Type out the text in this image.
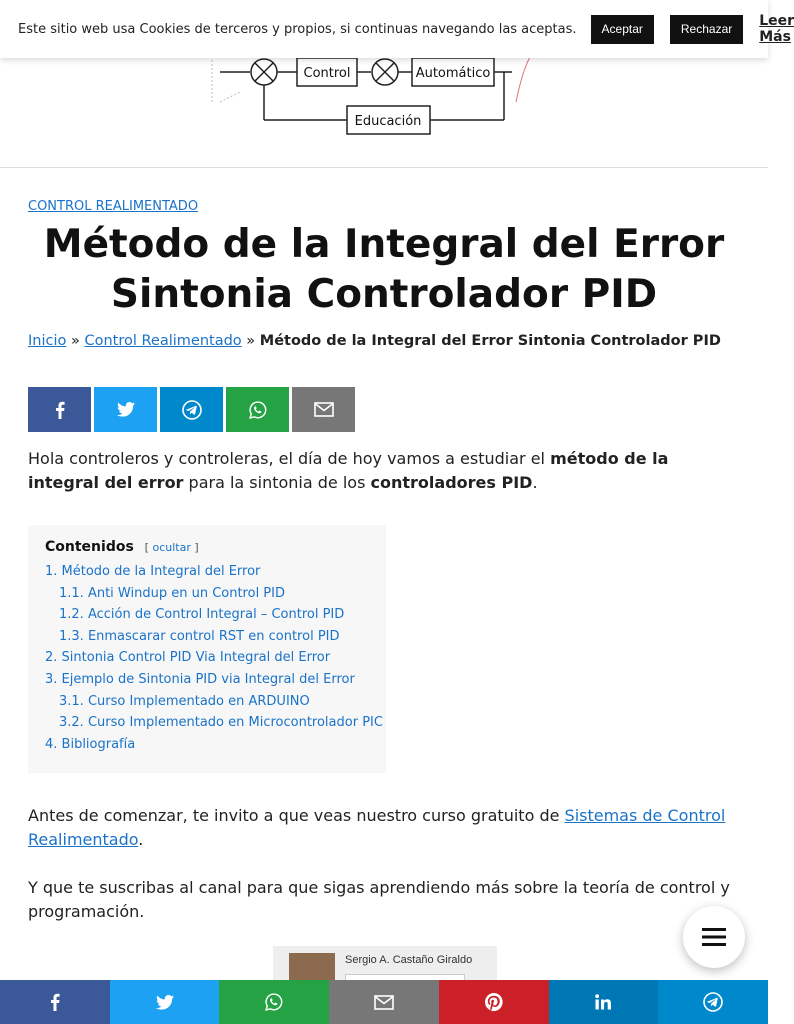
Este sitio web usa Cookies de terceros y propios, si continuas navegando las aceptas.	Aceptar	Rechazar	Leer Más
Control	Automático
Educación
CONTROL REALIMENTADO
Método de la Integral del Error Sintonia Controlador PID
Inicio » Control Realimentado » Método de la Integral del Error Sintonia Controlador PID

Hola controleros y controleras, el día de hoy vamos a estudiar el método de la integral del error para la sintonia de los controladores PID.

Contenidos [ ocultar ]
1. Método de la Integral del Error
1.1. Anti Windup en un Control PID
1.2. Acción de Control Integral – Control PID
1.3. Enmascarar control RST en control PID
2. Sintonia Control PID Via Integral del Error
3. Ejemplo de Sintonia PID via Integral del Error
3.1. Curso Implementado en ARDUINO
3.2. Curso Implementado en Microcontrolador PIC
4. Bibliografía

Antes de comenzar, te invito a que veas nuestro curso gratuito de Sistemas de Control Realimentado.

Y que te suscribas al canal para que sigas aprendiendo más sobre la teoría de control y programación.

Sergio A. Castaño Giraldo
